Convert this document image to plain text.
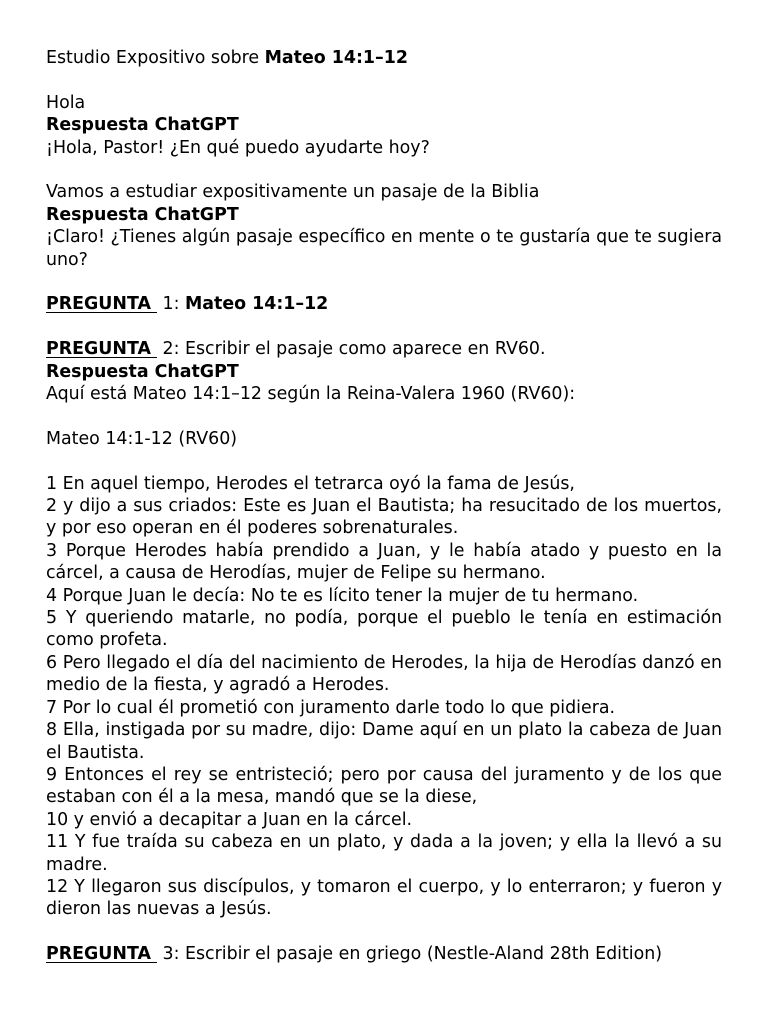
Estudio Expositivo sobre Mateo 14:1–12

Hola

Respuesta ChatGPT

¡Hola, Pastor! ¿En qué puedo ayudarte hoy?

Vamos a estudiar expositivamente un pasaje de la Biblia

Respuesta ChatGPT

¡Claro! ¿Tienes algún pasaje específico en mente o te gustaría que te sugiera uno?

PREGUNTA  1: Mateo 14:1–12

PREGUNTA  2: Escribir el pasaje como aparece en RV60.

Respuesta ChatGPT

Aquí está Mateo 14:1–12 según la Reina-Valera 1960 (RV60):

Mateo 14:1-12 (RV60)

1 En aquel tiempo, Herodes el tetrarca oyó la fama de Jesús,

2 y dijo a sus criados: Este es Juan el Bautista; ha resucitado de los muertos, y por eso operan en él poderes sobrenaturales.

3 Porque Herodes había prendido a Juan, y le había atado y puesto en la cárcel, a causa de Herodías, mujer de Felipe su hermano.

4 Porque Juan le decía: No te es lícito tener la mujer de tu hermano.

5 Y queriendo matarle, no podía, porque el pueblo le tenía en estimación como profeta.

6 Pero llegado el día del nacimiento de Herodes, la hija de Herodías danzó en medio de la fiesta, y agradó a Herodes.

7 Por lo cual él prometió con juramento darle todo lo que pidiera.

8 Ella, instigada por su madre, dijo: Dame aquí en un plato la cabeza de Juan el Bautista.

9 Entonces el rey se entristeció; pero por causa del juramento y de los que estaban con él a la mesa, mandó que se la diese,

10 y envió a decapitar a Juan en la cárcel.

11 Y fue traída su cabeza en un plato, y dada a la joven; y ella la llevó a su madre.

12 Y llegaron sus discípulos, y tomaron el cuerpo, y lo enterraron; y fueron y dieron las nuevas a Jesús.

PREGUNTA  3: Escribir el pasaje en griego (Nestle-Aland 28th Edition)
